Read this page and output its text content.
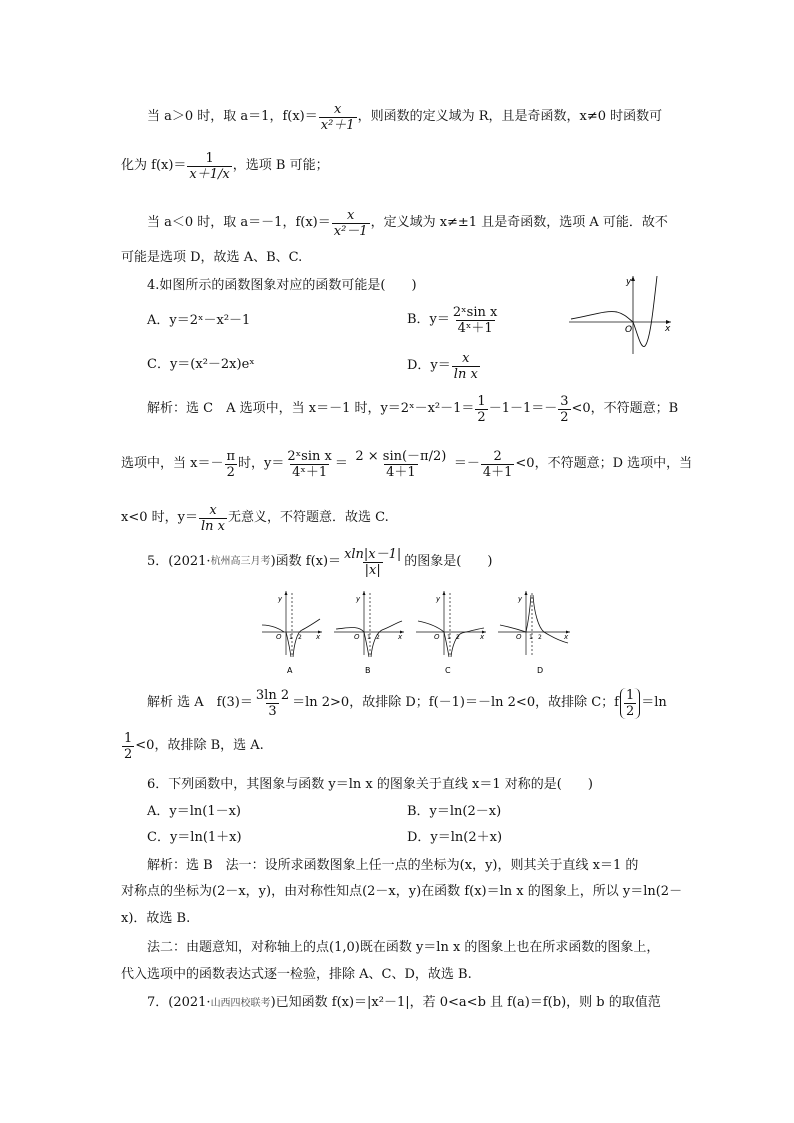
当 a＞0 时，取 a＝1，$f(x)= \frac{x}{\text{x²＋1}}$ ，则函数的定义域为 R，且是奇函数，x≠0 时函数可
化为 $f(x)= \frac{1}{x+1/x}$ ，选项 B 可能；
当 a＜0 时，取 a＝－1，$f(x)= \frac{x}{\text{x²－1}}$ ，定义域为 x≠±1 且是奇函数，选项 A 可能．故不
可能是选项 D，故选 A、B、C.
4.如图所示的函数图象对应的函数可能是(　　)
A．y＝2ˣ－x²－1	B．$y= \frac{\text{2ˣsin x}}{\text{4ˣ＋1}}$
C．y＝(x²－2x)eˣ	D．$y= \frac{x}{\text{ln x}}$
y
O	x
解析：选 C　A 选项中，当 x＝－1 时，y＝2ˣ－x²－1＝ $\frac{1}{2} -1-1=- \frac{3}{2} <0$，不符题意；B
选项中，当 $x=- \frac{\pi}{2}$ 时，$y= \frac{\text{2ˣsin x}}{\text{4ˣ＋1}} = \frac{2 \times \sin(-\pi/2)}{4+1} =- \frac{2}{4+1} <0$，不符题意；D 选项中，当
x<0 时，$y= \frac{x}{\text{ln x}}$ 无意义，不符题意．故选 C.
5．(2021· 杭州高三月考 )函数 $f(x)= \frac{xln|x-1|}{|x|}$ 的图象是(　　)
y
O 1 2 x
A
y
O 1 2	x
B
y
O 1 2	x
C
y
O 1 2	x
D
解析 选 A　$f(3)= \frac{3\ln 2}{3} =\ln$ 2>0，故排除 D；f(－1)＝－ln 2<0，故排除 C；f $\frac{1}{2} =\ln$
$\frac{1}{2} <0$，故排除 B，选 A.
6．下列函数中，其图象与函数 y＝ln x 的图象关于直线 x＝1 对称的是(　　)
A．y＝ln(1－x)	B．y＝ln(2－x)
C．y＝ln(1＋x)	D．y＝ln(2＋x)
解析：选 B　法一：设所求函数图象上任一点的坐标为(x，y)，则其关于直线 x＝1 的
对称点的坐标为(2－x，y)，由对称性知点(2－x，y)在函数 f(x)＝ln x 的图象上，所以 y＝ln(2－
x)．故选 B.
法二：由题意知，对称轴上的点(1,0)既在函数 y＝ln x 的图象上也在所求函数的图象上，
代入选项中的函数表达式逐一检验，排除 A、C、D，故选 B.
7．(2021·山西四校联考)已知函数 f(x)＝|x²－1|，若 0<a<b 且 f(a)＝f(b)，则 b 的取值范
